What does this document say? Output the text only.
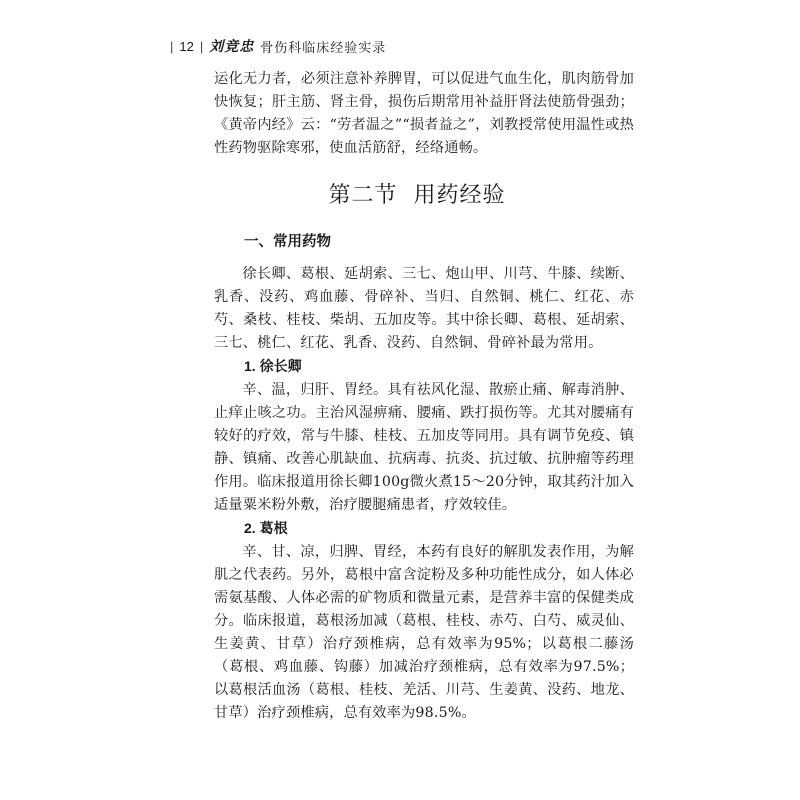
| 12 | 刘竞忠 骨伤科临床经验实录

运化无力者，必须注意补养脾胃，可以促进气血生化，肌肉筋骨加快恢复；肝主筋、肾主骨，损伤后期常用补益肝肾法使筋骨强劲；《黄帝内经》云：“劳者温之”“损者益之”，刘教授常使用温性或热性药物驱除寒邪，使血活筋舒，经络通畅。

第二节 用药经验
一、常用药物

徐长卿、葛根、延胡索、三七、炮山甲、川芎、牛膝、续断、乳香、没药、鸡血藤、骨碎补、当归、自然铜、桃仁、红花、赤芍、桑枝、桂枝、柴胡、五加皮等。其中徐长卿、葛根、延胡索、三七、桃仁、红花、乳香、没药、自然铜、骨碎补最为常用。

1. 徐长卿

辛、温，归肝、胃经。具有祛风化湿、散瘀止痛、解毒消肿、止痒止咳之功。主治风湿痹痛、腰痛、跌打损伤等。尤其对腰痛有较好的疗效，常与牛膝、桂枝、五加皮等同用。具有调节免疫、镇静、镇痛、改善心肌缺血、抗病毒、抗炎、抗过敏、抗肿瘤等药理作用。临床报道用徐长卿100g微火煮15～20分钟，取其药汁加入适量粟米粉外敷，治疗腰腿痛患者，疗效较佳。

2. 葛根

辛、甘、凉，归脾、胃经，本药有良好的解肌发表作用，为解肌之代表药。另外，葛根中富含淀粉及多种功能性成分，如人体必需氨基酸、人体必需的矿物质和微量元素，是营养丰富的保健类成分。临床报道，葛根汤加减（葛根、桂枝、赤芍、白芍、威灵仙、生姜黄、甘草）治疗颈椎病，总有效率为95%；以葛根二藤汤（葛根、鸡血藤、钩藤）加减治疗颈椎病，总有效率为97.5%；以葛根活血汤（葛根、桂枝、羌活、川芎、生姜黄、没药、地龙、甘草）治疗颈椎病，总有效率为98.5%。
